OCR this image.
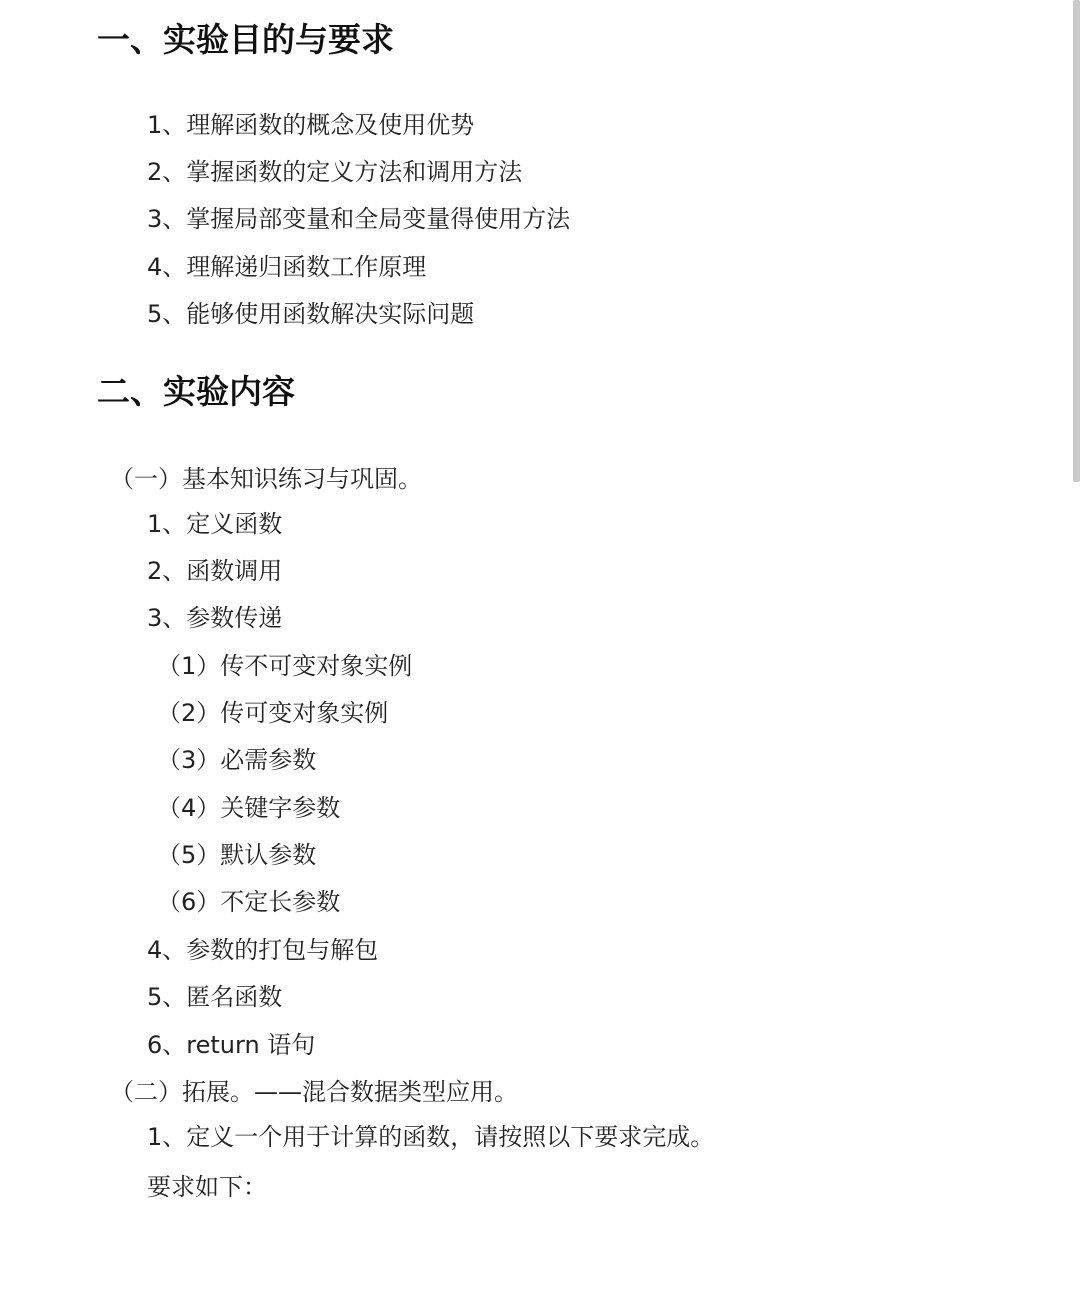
一、实验目的与要求
1、理解函数的概念及使用优势
2、掌握函数的定义方法和调用方法
3、掌握局部变量和全局变量得使用方法
4、理解递归函数工作原理
5、能够使用函数解决实际问题
二、实验内容
（一）基本知识练习与巩固。
1、定义函数
2、函数调用
3、参数传递
（1）传不可变对象实例
（2）传可变对象实例
（3）必需参数
（4）关键字参数
（5）默认参数
（6）不定长参数
4、参数的打包与解包
5、匿名函数
6、return 语句
（二）拓展。——混合数据类型应用。
1、定义一个用于计算的函数，请按照以下要求完成。
要求如下：
